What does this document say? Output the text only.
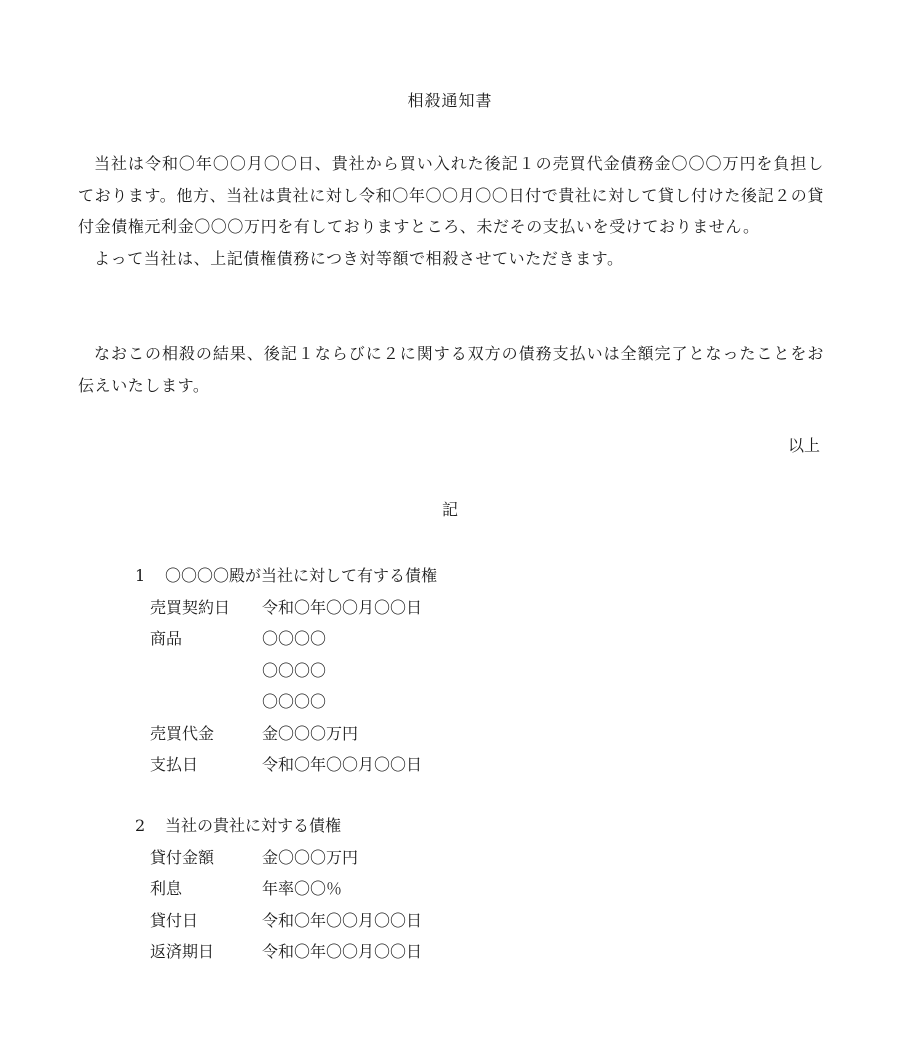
相殺通知書
当社は令和〇年〇〇月〇〇日、貴社から買い入れた後記１の売買代金債務金〇〇〇万円を負担しております。他方、当社は貴社に対し令和〇年〇〇月〇〇日付で貴社に対して貸し付けた後記２の貸付金債権元利金〇〇〇万円を有しておりますところ、未だその支払いを受けておりません。
よって当社は、上記債権債務につき対等額で相殺させていただきます。
なおこの相殺の結果、後記１ならびに２に関する双方の債務支払いは全額完了となったことをお伝えいたします。
以上
記
1 〇〇〇〇殿が当社に対して有する債権
売買契約日	令和〇年〇〇月〇〇日
商品	〇〇〇〇
〇〇〇〇
〇〇〇〇
売買代金	金〇〇〇万円
支払日	令和〇年〇〇月〇〇日
2 当社の貴社に対する債権
貸付金額	金〇〇〇万円
利息	年率〇〇％
貸付日	令和〇年〇〇月〇〇日
返済期日	令和〇年〇〇月〇〇日
